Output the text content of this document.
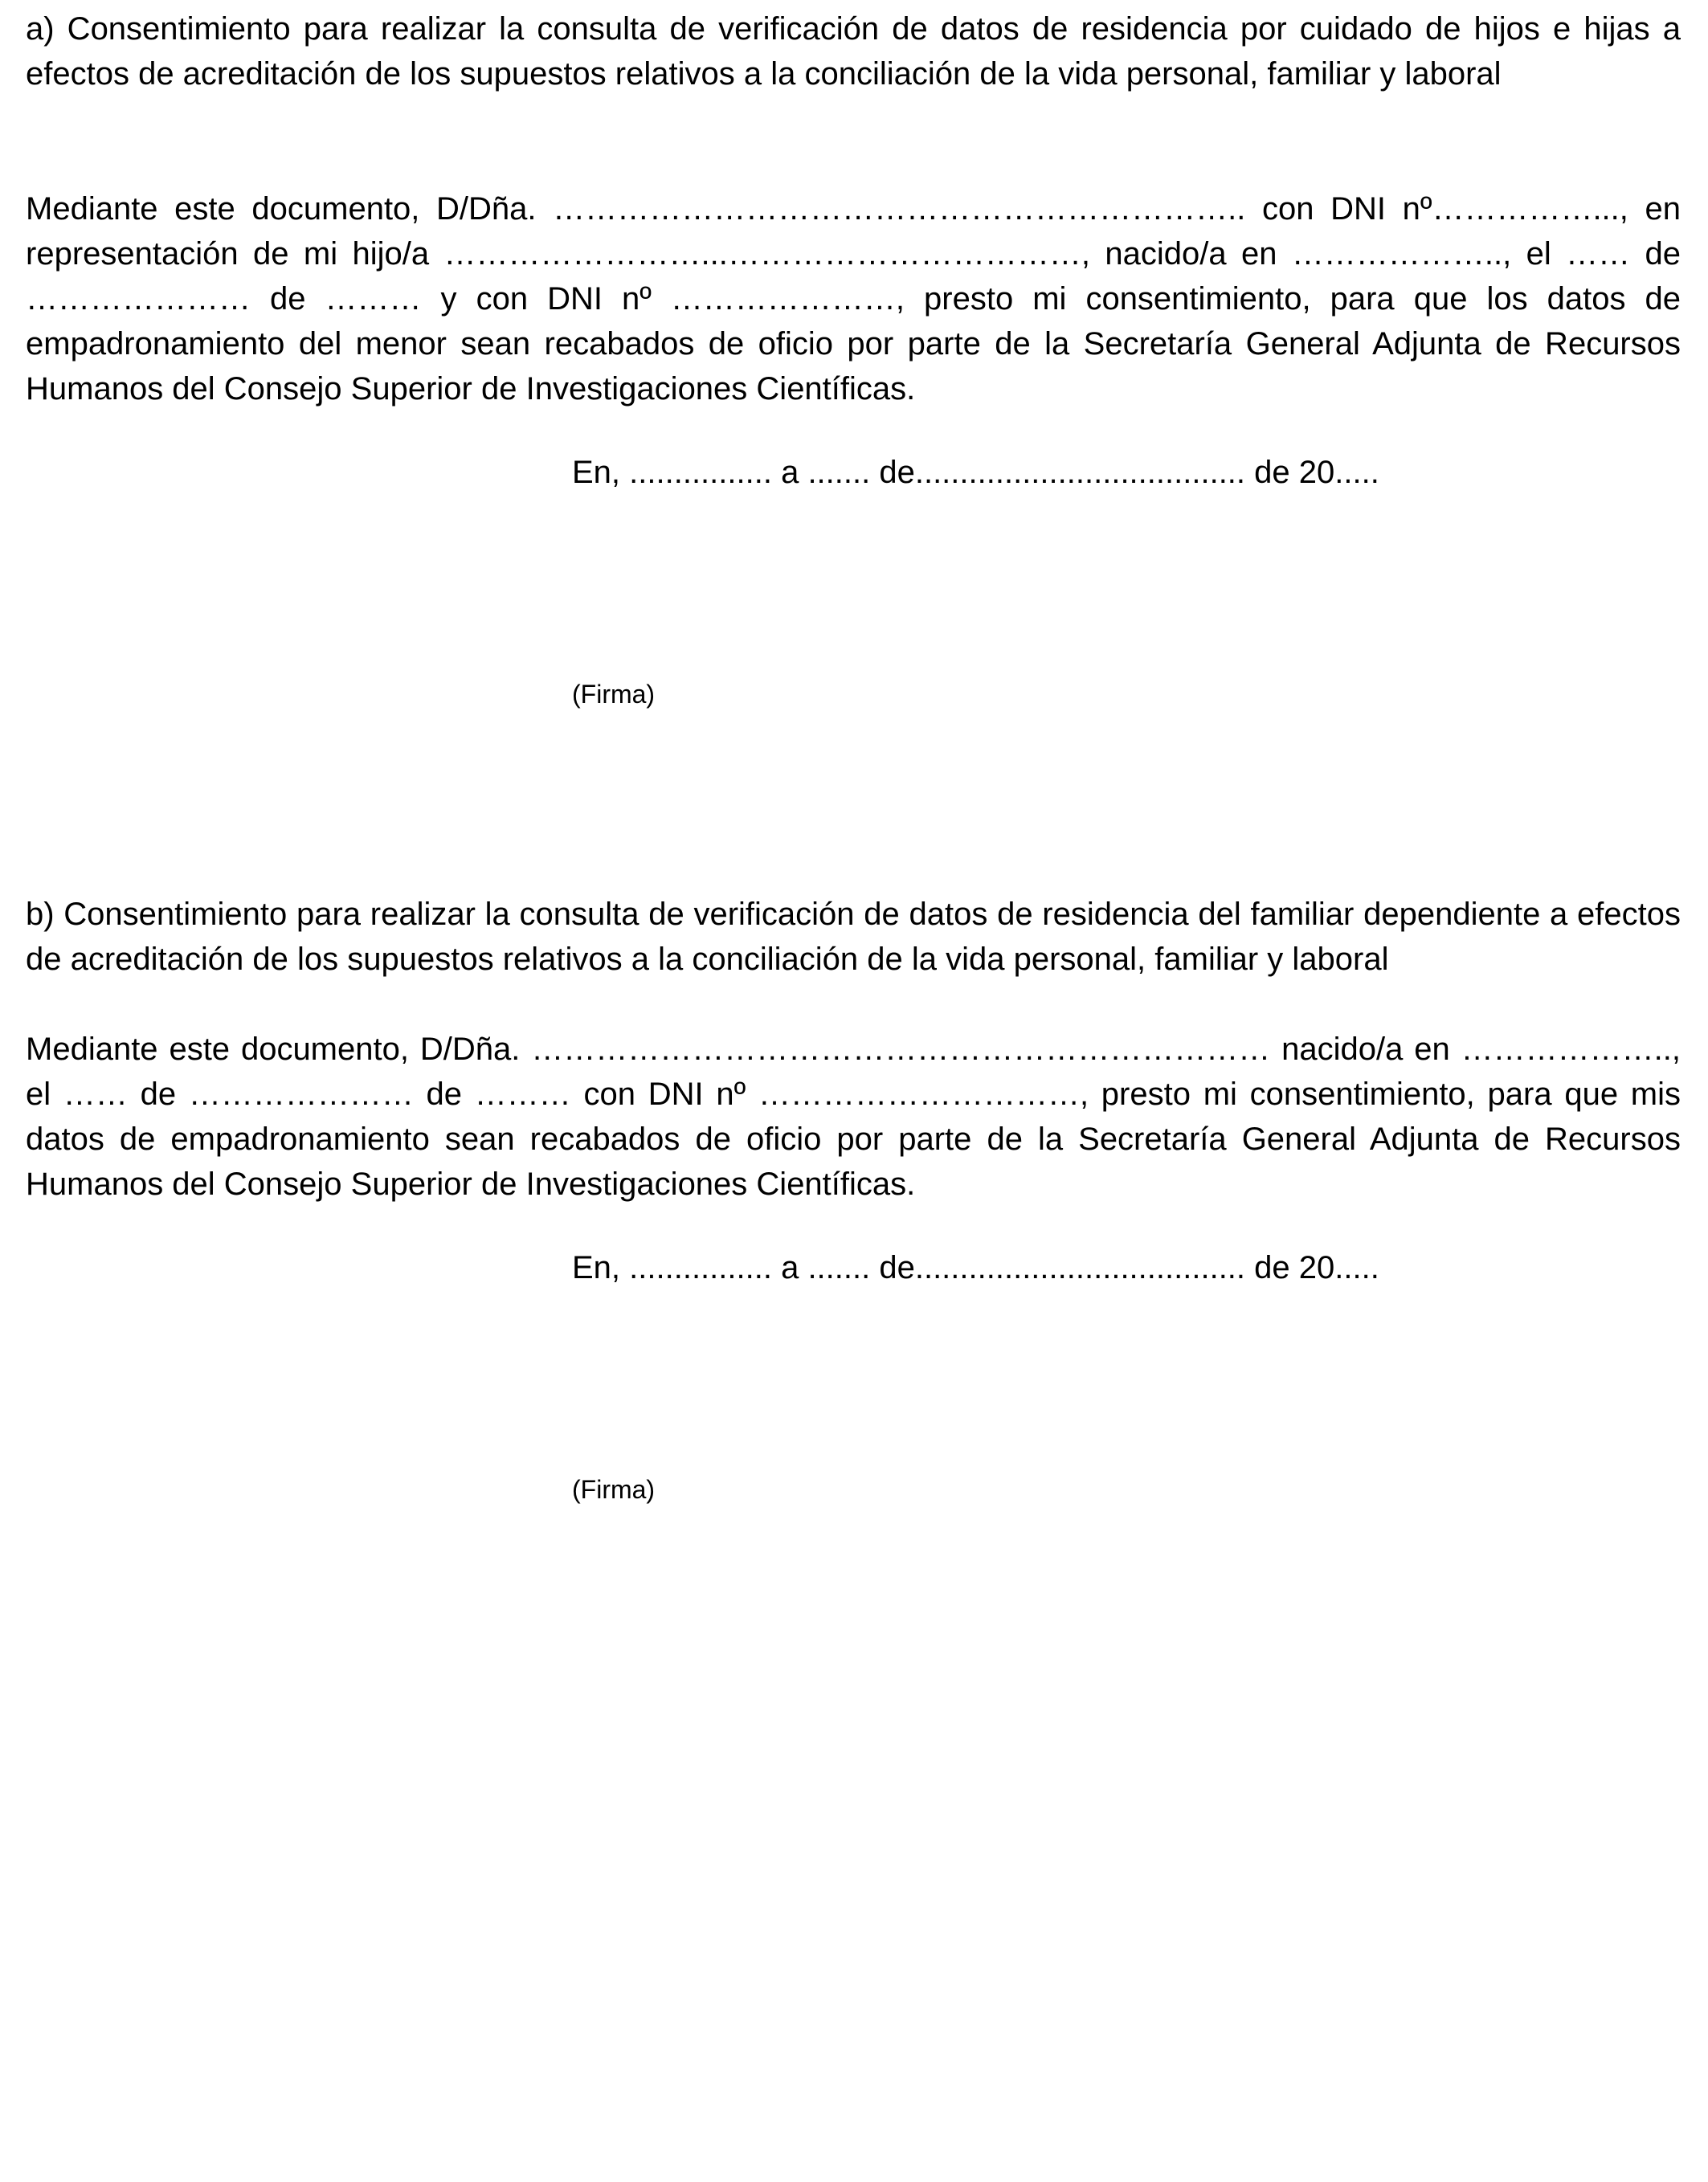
a) Consentimiento para realizar la consulta de verificación de datos de residencia por cuidado de hijos e hijas a efectos de acreditación de los supuestos relativos a la conciliación de la vida personal, familiar y laboral

Mediante este documento, D/Dña. ……………………………………………………….. con DNI nº……………..., en representación de mi hijo/a ……………………...……………………………, nacido/a en ……………….., el …… de ………………… de ……… y con DNI nº …………………, presto mi consentimiento, para que los datos de empadronamiento del menor sean recabados de oficio por parte de la Secretaría General Adjunta de Recursos Humanos del Consejo Superior de Investigaciones Científicas.

En, ................ a ....... de..................................... de 20.....
(Firma)

b) Consentimiento para realizar la consulta de verificación de datos de residencia del familiar dependiente a efectos de acreditación de los supuestos relativos a la conciliación de la vida personal, familiar y laboral

Mediante este documento, D/Dña. …………………………………………………………… nacido/a en ……………….., el …… de ………………… de ……… con DNI nº …………………………, presto mi consentimiento, para que mis datos de empadronamiento sean recabados de oficio por parte de la Secretaría General Adjunta de Recursos Humanos del Consejo Superior de Investigaciones Científicas.

En, ................ a ....... de..................................... de 20.....
(Firma)
